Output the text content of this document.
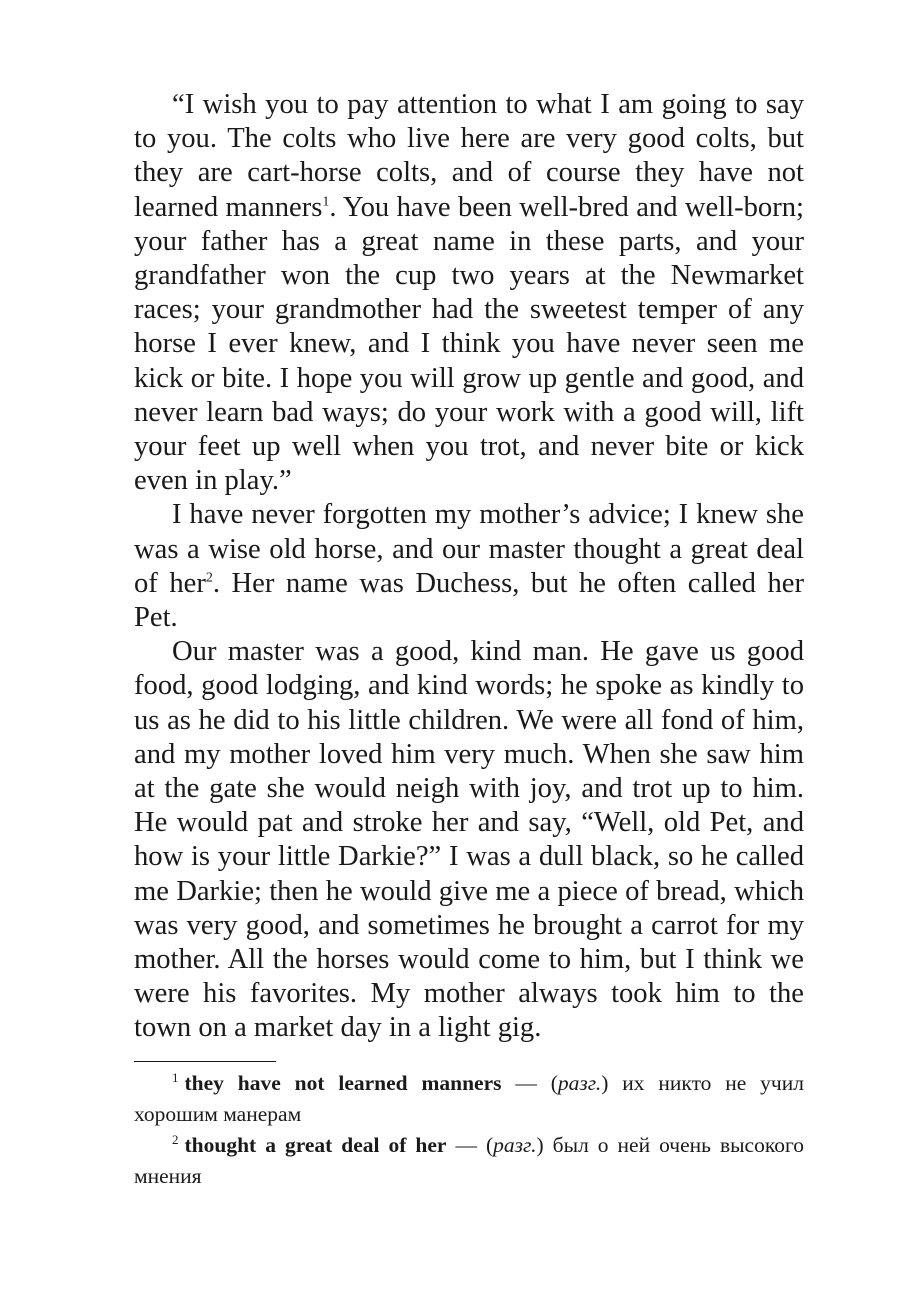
“I wish you to pay attention to what I am going to say to you. The colts who live here are very good colts, but they are cart-horse colts, and of course they have not learned manners$^1$. You have been well-bred and well-born; your father has a great name in these parts, and your grandfather won the cup two years at the Newmarket races; your grandmother had the sweetest temper of any horse I ever knew, and I think you have never seen me kick or bite. I hope you will grow up gentle and good, and never learn bad ways; do your work with a good will, lift your feet up well when you trot, and never bite or kick even in play.”

I have never forgotten my mother’s advice; I knew she was a wise old horse, and our master thought a great deal of her$^2$. Her name was Duchess, but he often called her Pet.

Our master was a good, kind man. He gave us good food, good lodging, and kind words; he spoke as kindly to us as he did to his little children. We were all fond of him, and my mother loved him very much. When she saw him at the gate she would neigh with joy, and trot up to him. He would pat and stroke her and say, “Well, old Pet, and how is your little Darkie?” I was a dull black, so he called me Darkie; then he would give me a piece of bread, which was very good, and sometimes he brought a carrot for my mother. All the horses would come to him, but I think we were his favorites. My mother always took him to the town on a market day in a light gig.

$^1$ they have not learned manners — (разг.) их никто не учил хорошим манерам

$^2$ thought a great deal of her — (разг.) был о ней очень высокого мнения
